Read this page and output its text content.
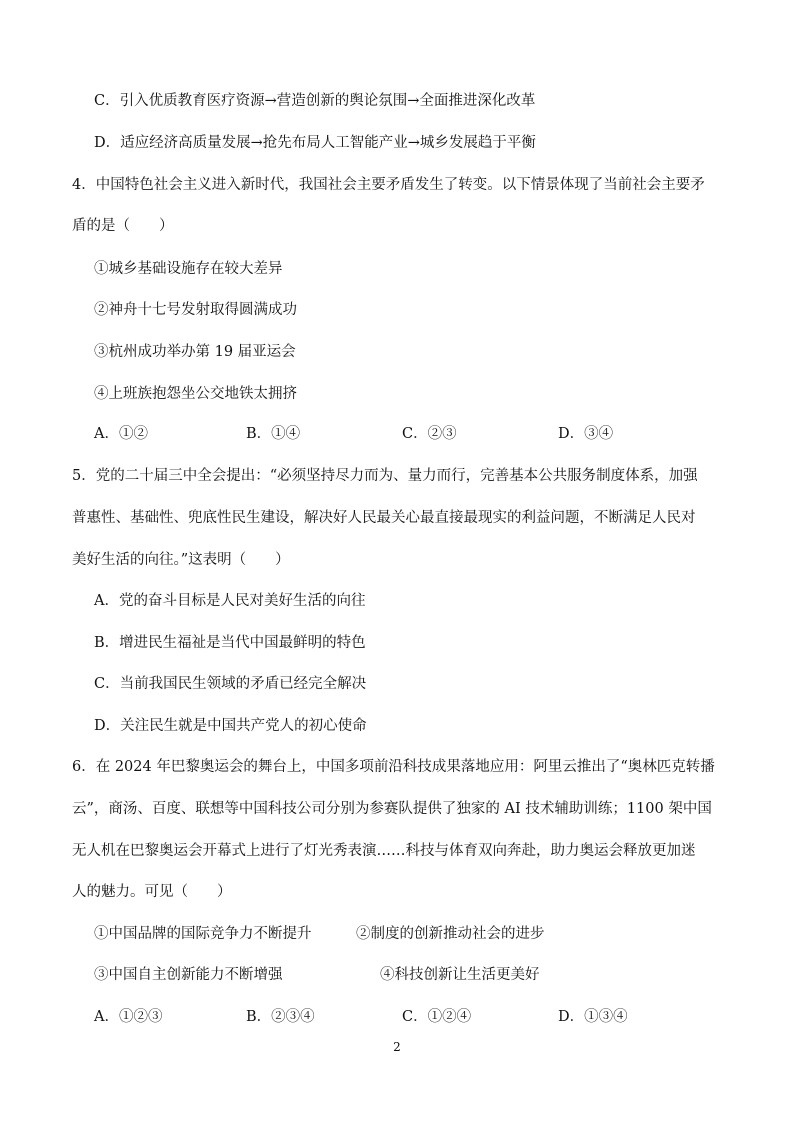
C．引入优质教育医疗资源→营造创新的舆论氛围→全面推进深化改革
D．适应经济高质量发展→抢先布局人工智能产业→城乡发展趋于平衡
4．中国特色社会主义进入新时代，我国社会主要矛盾发生了转变。以下情景体现了当前社会主要矛
盾的是（　　）
①城乡基础设施存在较大差异
②神舟十七号发射取得圆满成功
③杭州成功举办第 19 届亚运会
④上班族抱怨坐公交地铁太拥挤
A．①②	B．①④	C．②③	D．③④
5．党的二十届三中全会提出：“必须坚持尽力而为、量力而行，完善基本公共服务制度体系，加强
普惠性、基础性、兜底性民生建设，解决好人民最关心最直接最现实的利益问题，不断满足人民对
美好生活的向往。”这表明（　　）
A．党的奋斗目标是人民对美好生活的向往
B．增进民生福祉是当代中国最鲜明的特色
C．当前我国民生领域的矛盾已经完全解决
D．关注民生就是中国共产党人的初心使命
6．在 2024 年巴黎奥运会的舞台上，中国多项前沿科技成果落地应用：阿里云推出了“奥林匹克转播
云”，商汤、百度、联想等中国科技公司分别为参赛队提供了独家的 AI 技术辅助训练；1100 架中国
无人机在巴黎奥运会开幕式上进行了灯光秀表演……科技与体育双向奔赴，助力奥运会释放更加迷
人的魅力。可见（　　）
①中国品牌的国际竞争力不断提升	②制度的创新推动社会的进步
③中国自主创新能力不断增强	④科技创新让生活更美好
A．①②③	B．②③④	C．①②④	D．①③④
2
